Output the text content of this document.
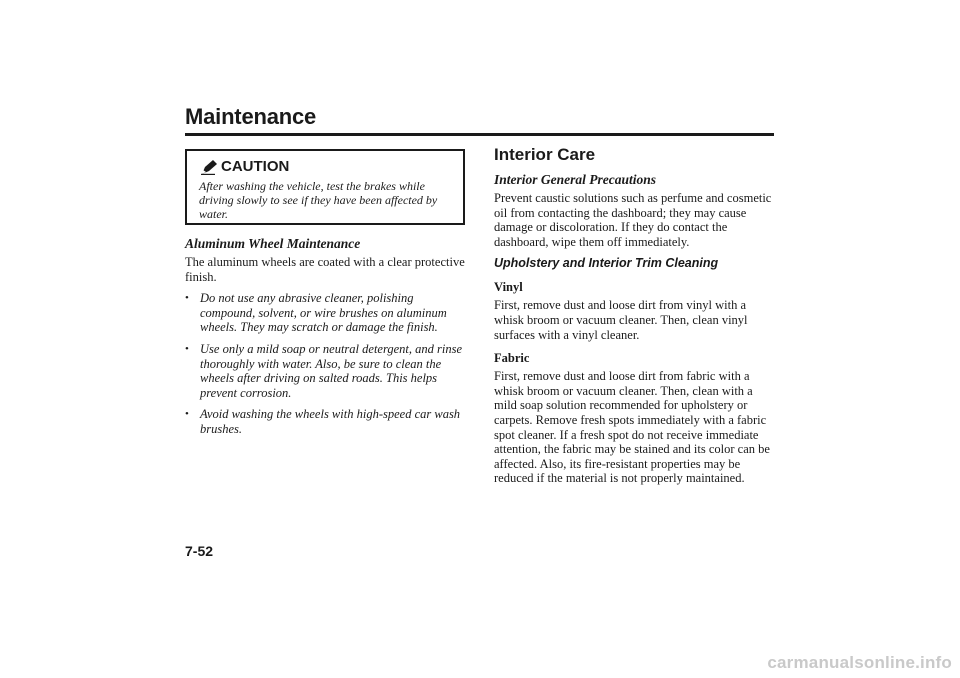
Maintenance
CAUTION

After washing the vehicle, test the brakes while driving slowly to see if they have been affected by water.

Aluminum Wheel Maintenance

The aluminum wheels are coated with a clear protective finish.

• Do not use any abrasive cleaner, polishing compound, solvent, or wire brushes on aluminum wheels. They may scratch or damage the finish.
• Use only a mild soap or neutral detergent, and rinse thoroughly with water. Also, be sure to clean the wheels after driving on salted roads. This helps prevent corrosion.
• Avoid washing the wheels with high-speed car wash brushes.
Interior Care
Interior General Precautions

Prevent caustic solutions such as perfume and cosmetic oil from contacting the dashboard; they may cause damage or discoloration. If they do contact the dashboard, wipe them off immediately.

Upholstery and Interior Trim Cleaning
Vinyl

First, remove dust and loose dirt from vinyl with a whisk broom or vacuum cleaner. Then, clean vinyl surfaces with a vinyl cleaner.

Fabric

First, remove dust and loose dirt from fabric with a whisk broom or vacuum cleaner. Then, clean with a mild soap solution recommended for upholstery or carpets. Remove fresh spots immediately with a fabric spot cleaner. If a fresh spot do not receive immediate attention, the fabric may be stained and its color can be affected. Also, its fire-resistant properties may be reduced if the material is not properly maintained.

7-52
carmanualsonline.info
